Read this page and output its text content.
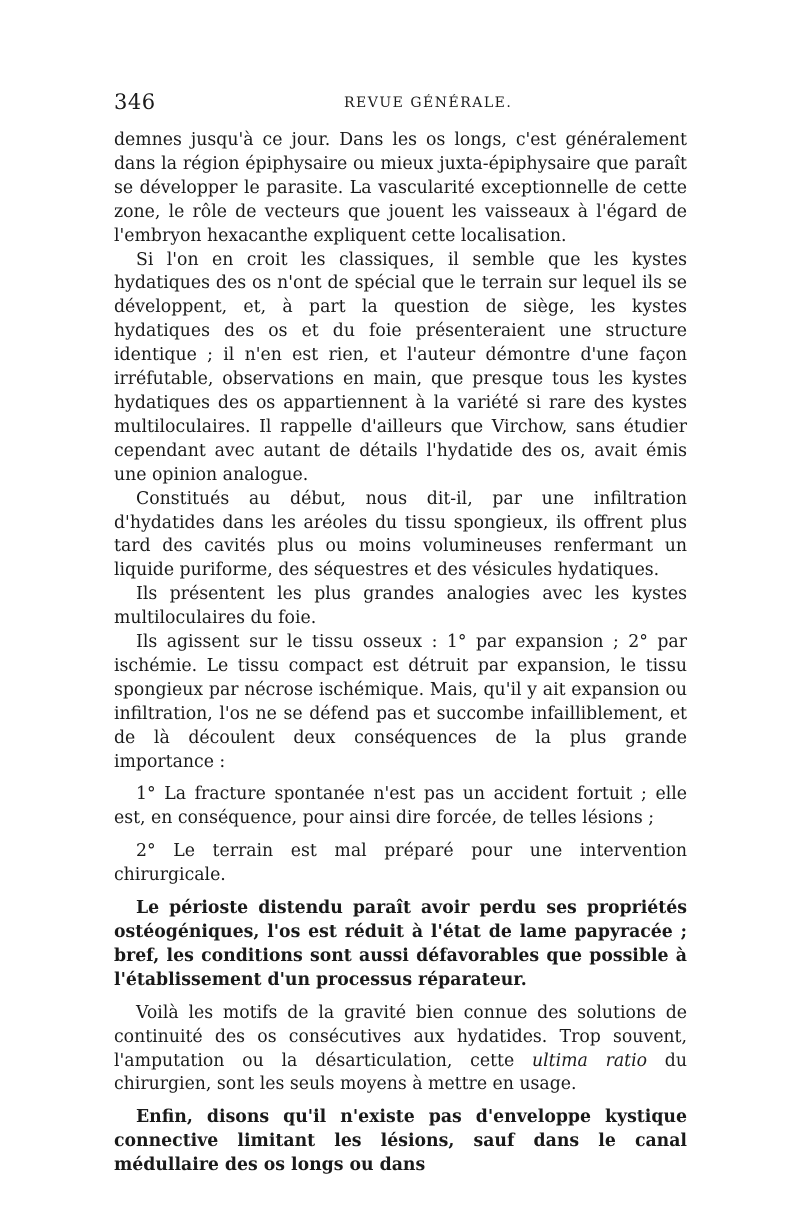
346	REVUE GÉNÉRALE.

demnes jusqu'à ce jour. Dans les os longs, c'est généralement dans la région épiphysaire ou mieux juxta-épiphysaire que paraît se développer le parasite. La vascularité exceptionnelle de cette zone, le rôle de vecteurs que jouent les vaisseaux à l'égard de l'embryon hexacanthe expliquent cette localisation.

Si l'on en croit les classiques, il semble que les kystes hydatiques des os n'ont de spécial que le terrain sur lequel ils se développent, et, à part la question de siège, les kystes hydatiques des os et du foie présenteraient une structure identique ; il n'en est rien, et l'auteur démontre d'une façon irréfutable, observations en main, que presque tous les kystes hydatiques des os appartiennent à la variété si rare des kystes multiloculaires. Il rappelle d'ailleurs que Virchow, sans étudier cependant avec autant de détails l'hydatide des os, avait émis une opinion analogue.

Constitués au début, nous dit-il, par une infiltration d'hydatides dans les aréoles du tissu spongieux, ils offrent plus tard des cavités plus ou moins volumineuses renfermant un liquide puriforme, des séquestres et des vésicules hydatiques.

Ils présentent les plus grandes analogies avec les kystes multiloculaires du foie.

Ils agissent sur le tissu osseux : 1° par expansion ; 2° par ischémie. Le tissu compact est détruit par expansion, le tissu spongieux par nécrose ischémique. Mais, qu'il y ait expansion ou infiltration, l'os ne se défend pas et succombe infailliblement, et de là découlent deux conséquences de la plus grande importance :

1° La fracture spontanée n'est pas un accident fortuit ; elle est, en conséquence, pour ainsi dire forcée, de telles lésions ;

2° Le terrain est mal préparé pour une intervention chirurgicale.

Le périoste distendu paraît avoir perdu ses propriétés ostéogéniques, l'os est réduit à l'état de lame papyracée ; bref, les conditions sont aussi défavorables que possible à l'établissement d'un processus réparateur.

Voilà les motifs de la gravité bien connue des solutions de continuité des os consécutives aux hydatides. Trop souvent, l'amputation ou la désarticulation, cette ultima ratio du chirurgien, sont les seuls moyens à mettre en usage.

Enfin, disons qu'il n'existe pas d'enveloppe kystique connective limitant les lésions, sauf dans le canal médullaire des os longs ou dans
